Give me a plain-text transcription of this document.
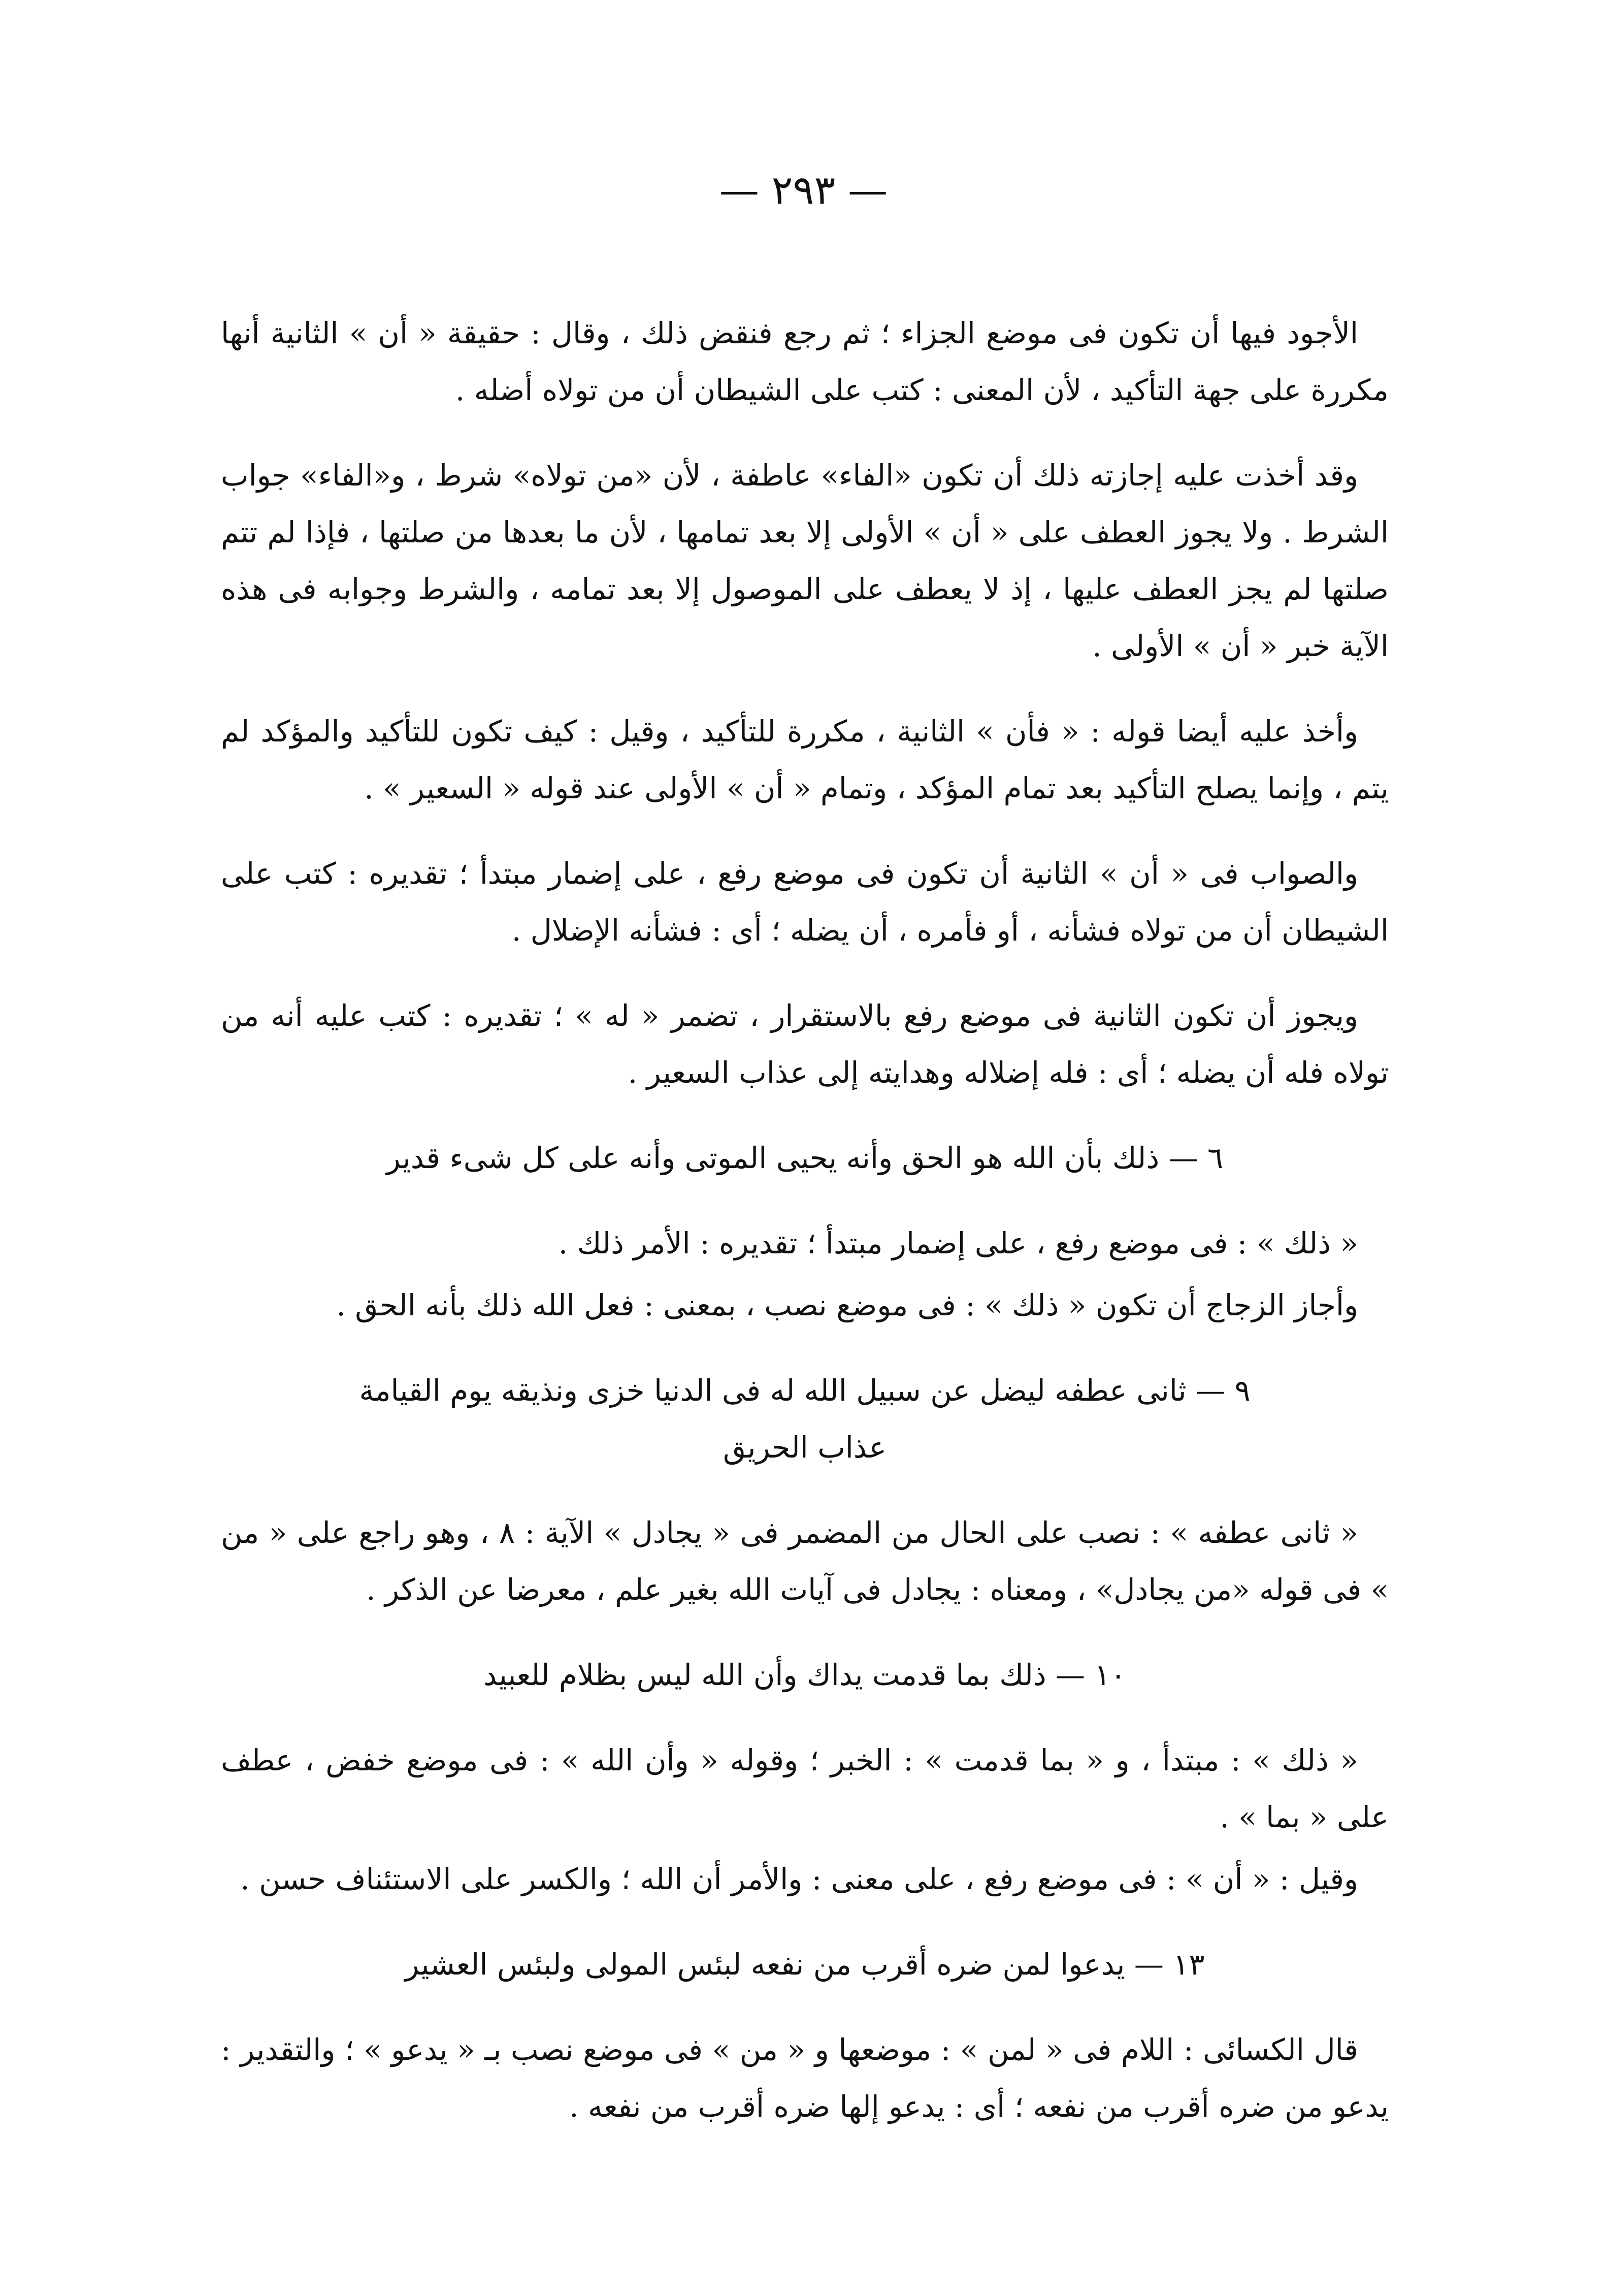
— ٢٩٣ —

الأجود فيها أن تكون فى موضع الجزاء ؛ ثم رجع فنقض ذلك ، وقال : حقيقة « أن » الثانية أنها مكررة على جهة التأكيد ، لأن المعنى : كتب على الشيطان أن من تولاه أضله .

وقد أخذت عليه إجازته ذلك أن تكون «الفاء» عاطفة ، لأن «من تولاه» شرط ، و«الفاء» جواب الشرط . ولا يجوز العطف على « أن » الأولى إلا بعد تمامها ، لأن ما بعدها من صلتها ، فإذا لم تتم صلتها لم يجز العطف عليها ، إذ لا يعطف على الموصول إلا بعد تمامه ، والشرط وجوابه فى هذه الآية خبر « أن » الأولى .

وأخذ عليه أيضا قوله : « فأن » الثانية ، مكررة للتأكيد ، وقيل : كيف تكون للتأكيد والمؤكد لم يتم ، وإنما يصلح التأكيد بعد تمام المؤكد ، وتمام « أن » الأولى عند قوله « السعير » .

والصواب فى « أن » الثانية أن تكون فى موضع رفع ، على إضمار مبتدأ ؛ تقديره : كتب على الشيطان أن من تولاه فشأنه ، أو فأمره ، أن يضله ؛ أى : فشأنه الإضلال .

ويجوز أن تكون الثانية فى موضع رفع بالاستقرار ، تضمر « له » ؛ تقديره : كتب عليه أنه من تولاه فله أن يضله ؛ أى : فله إضلاله وهدايته إلى عذاب السعير .

٦ — ذلك بأن الله هو الحق وأنه يحيى الموتى وأنه على كل شىء قدير

« ذلك » : فى موضع رفع ، على إضمار مبتدأ ؛ تقديره : الأمر ذلك .

وأجاز الزجاج أن تكون « ذلك » : فى موضع نصب ، بمعنى : فعل الله ذلك بأنه الحق .

٩ — ثانى عطفه ليضل عن سبيل الله له فى الدنيا خزى ونذيقه يوم القيامة عذاب الحريق

« ثانى عطفه » : نصب على الحال من المضمر فى « يجادل » الآية : ٨ ، وهو راجع على « من » فى قوله «من يجادل» ، ومعناه : يجادل فى آيات الله بغير علم ، معرضا عن الذكر .

١٠ — ذلك بما قدمت يداك وأن الله ليس بظلام للعبيد

« ذلك » : مبتدأ ، و « بما قدمت » : الخبر ؛ وقوله « وأن الله » : فى موضع خفض ، عطف على « بما » .

وقيل : « أن » : فى موضع رفع ، على معنى : والأمر أن الله ؛ والكسر على الاستئناف حسن .

١٣ — يدعوا لمن ضره أقرب من نفعه لبئس المولى ولبئس العشير

قال الكسائى : اللام فى « لمن » : موضعها و « من » فى موضع نصب بـ « يدعو » ؛ والتقدير : يدعو من ضره أقرب من نفعه ؛ أى : يدعو إلها ضره أقرب من نفعه .
